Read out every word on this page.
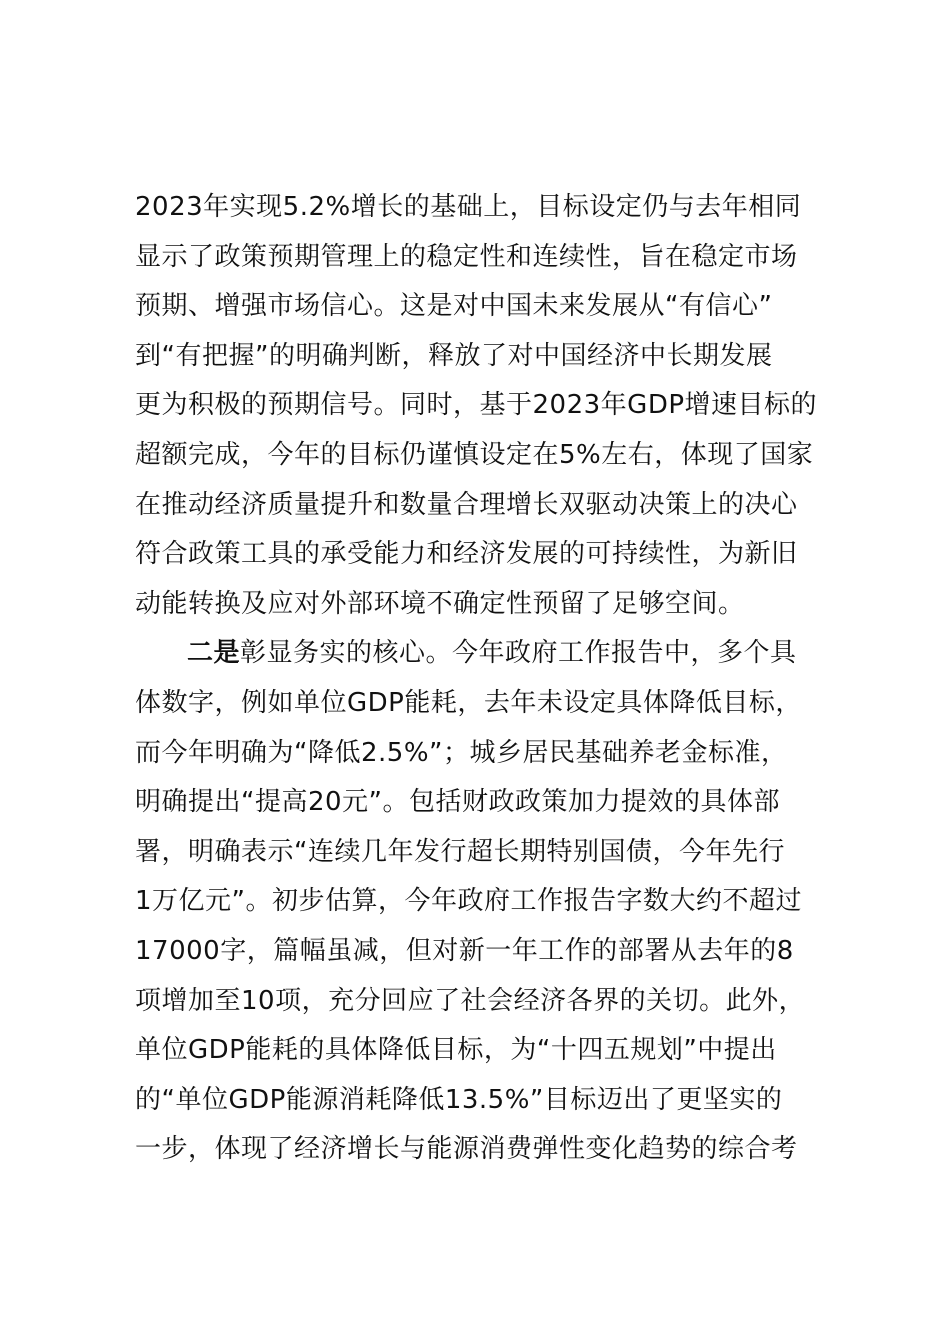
2023年实现5.2%增长的基础上，目标设定仍与去年相同
显示了政策预期管理上的稳定性和连续性，旨在稳定市场
预期、增强市场信心。这是对中国未来发展从“有信心”
到“有把握”的明确判断，释放了对中国经济中长期发展
更为积极的预期信号。同时，基于2023年GDP增速目标的
超额完成，今年的目标仍谨慎设定在5%左右，体现了国家
在推动经济质量提升和数量合理增长双驱动决策上的决心
符合政策工具的承受能力和经济发展的可持续性，为新旧
动能转换及应对外部环境不确定性预留了足够空间。
二是彰显务实的核心。今年政府工作报告中，多个具
体数字，例如单位GDP能耗，去年未设定具体降低目标，
而今年明确为“降低2.5%”；城乡居民基础养老金标准，
明确提出“提高20元”。包括财政政策加力提效的具体部
署，明确表示“连续几年发行超长期特别国债，今年先行
1万亿元”。初步估算，今年政府工作报告字数大约不超过
17000字，篇幅虽减，但对新一年工作的部署从去年的8
项增加至10项，充分回应了社会经济各界的关切。此外，
单位GDP能耗的具体降低目标，为“十四五规划”中提出
的“单位GDP能源消耗降低13.5%”目标迈出了更坚实的
一步，体现了经济增长与能源消费弹性变化趋势的综合考
